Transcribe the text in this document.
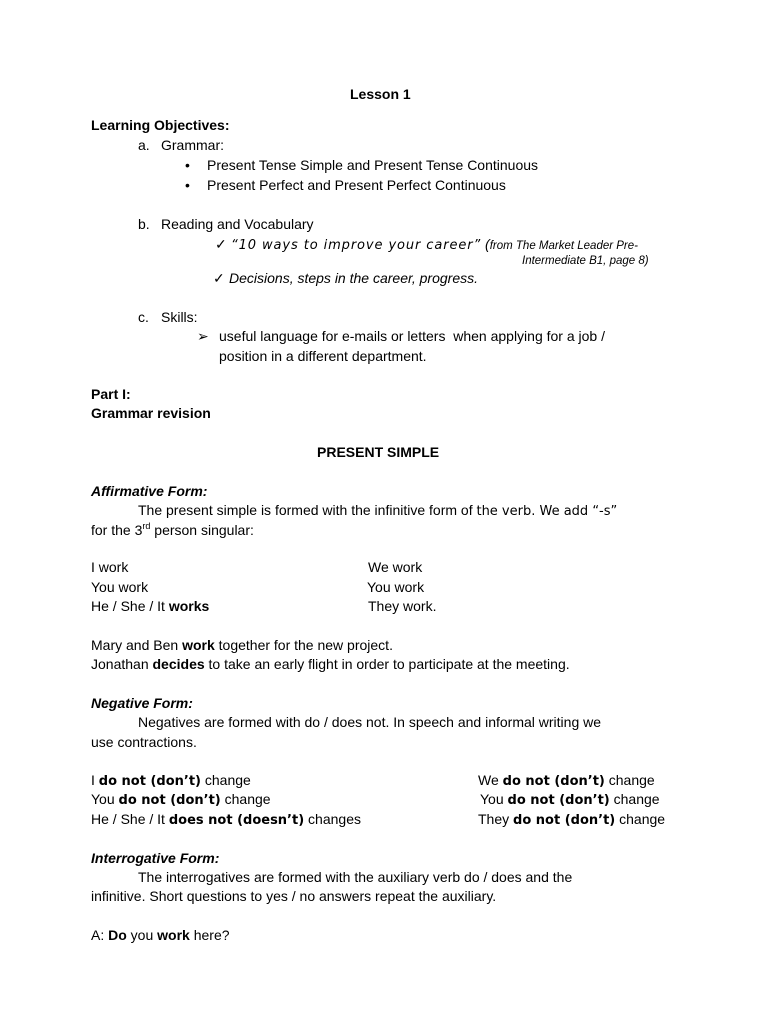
Lesson 1
Learning Objectives:
a. Grammar:
• Present Tense Simple and Present Tense Continuous
• Present Perfect and Present Perfect Continuous
b. Reading and Vocabulary
✓ “10 ways to improve your career” (from The Market Leader Pre-
Intermediate B1, page 8)
✓ Decisions, steps in the career, progress.
c. Skills:
➢ useful language for e-mails or letters  when applying for a job /
position in a different department.
Part I:
Grammar revision
PRESENT SIMPLE
Affirmative Form:
The present simple is formed with the infinitive form of the verb. We add “-s”
for the 3rd person singular:
I work
You work
He / She / It works
We work
You work
They work.
Mary and Ben work together for the new project.
Jonathan decides to take an early flight in order to participate at the meeting.
Negative Form:
Negatives are formed with do / does not. In speech and informal writing we
use contractions.
I do not (don’t) change
You do not (don’t) change
He / She / It does not (doesn’t) changes
We do not (don’t) change
You do not (don’t) change
They do not (don’t) change
Interrogative Form:
The interrogatives are formed with the auxiliary verb do / does and the
infinitive. Short questions to yes / no answers repeat the auxiliary.
A: Do you work here?
